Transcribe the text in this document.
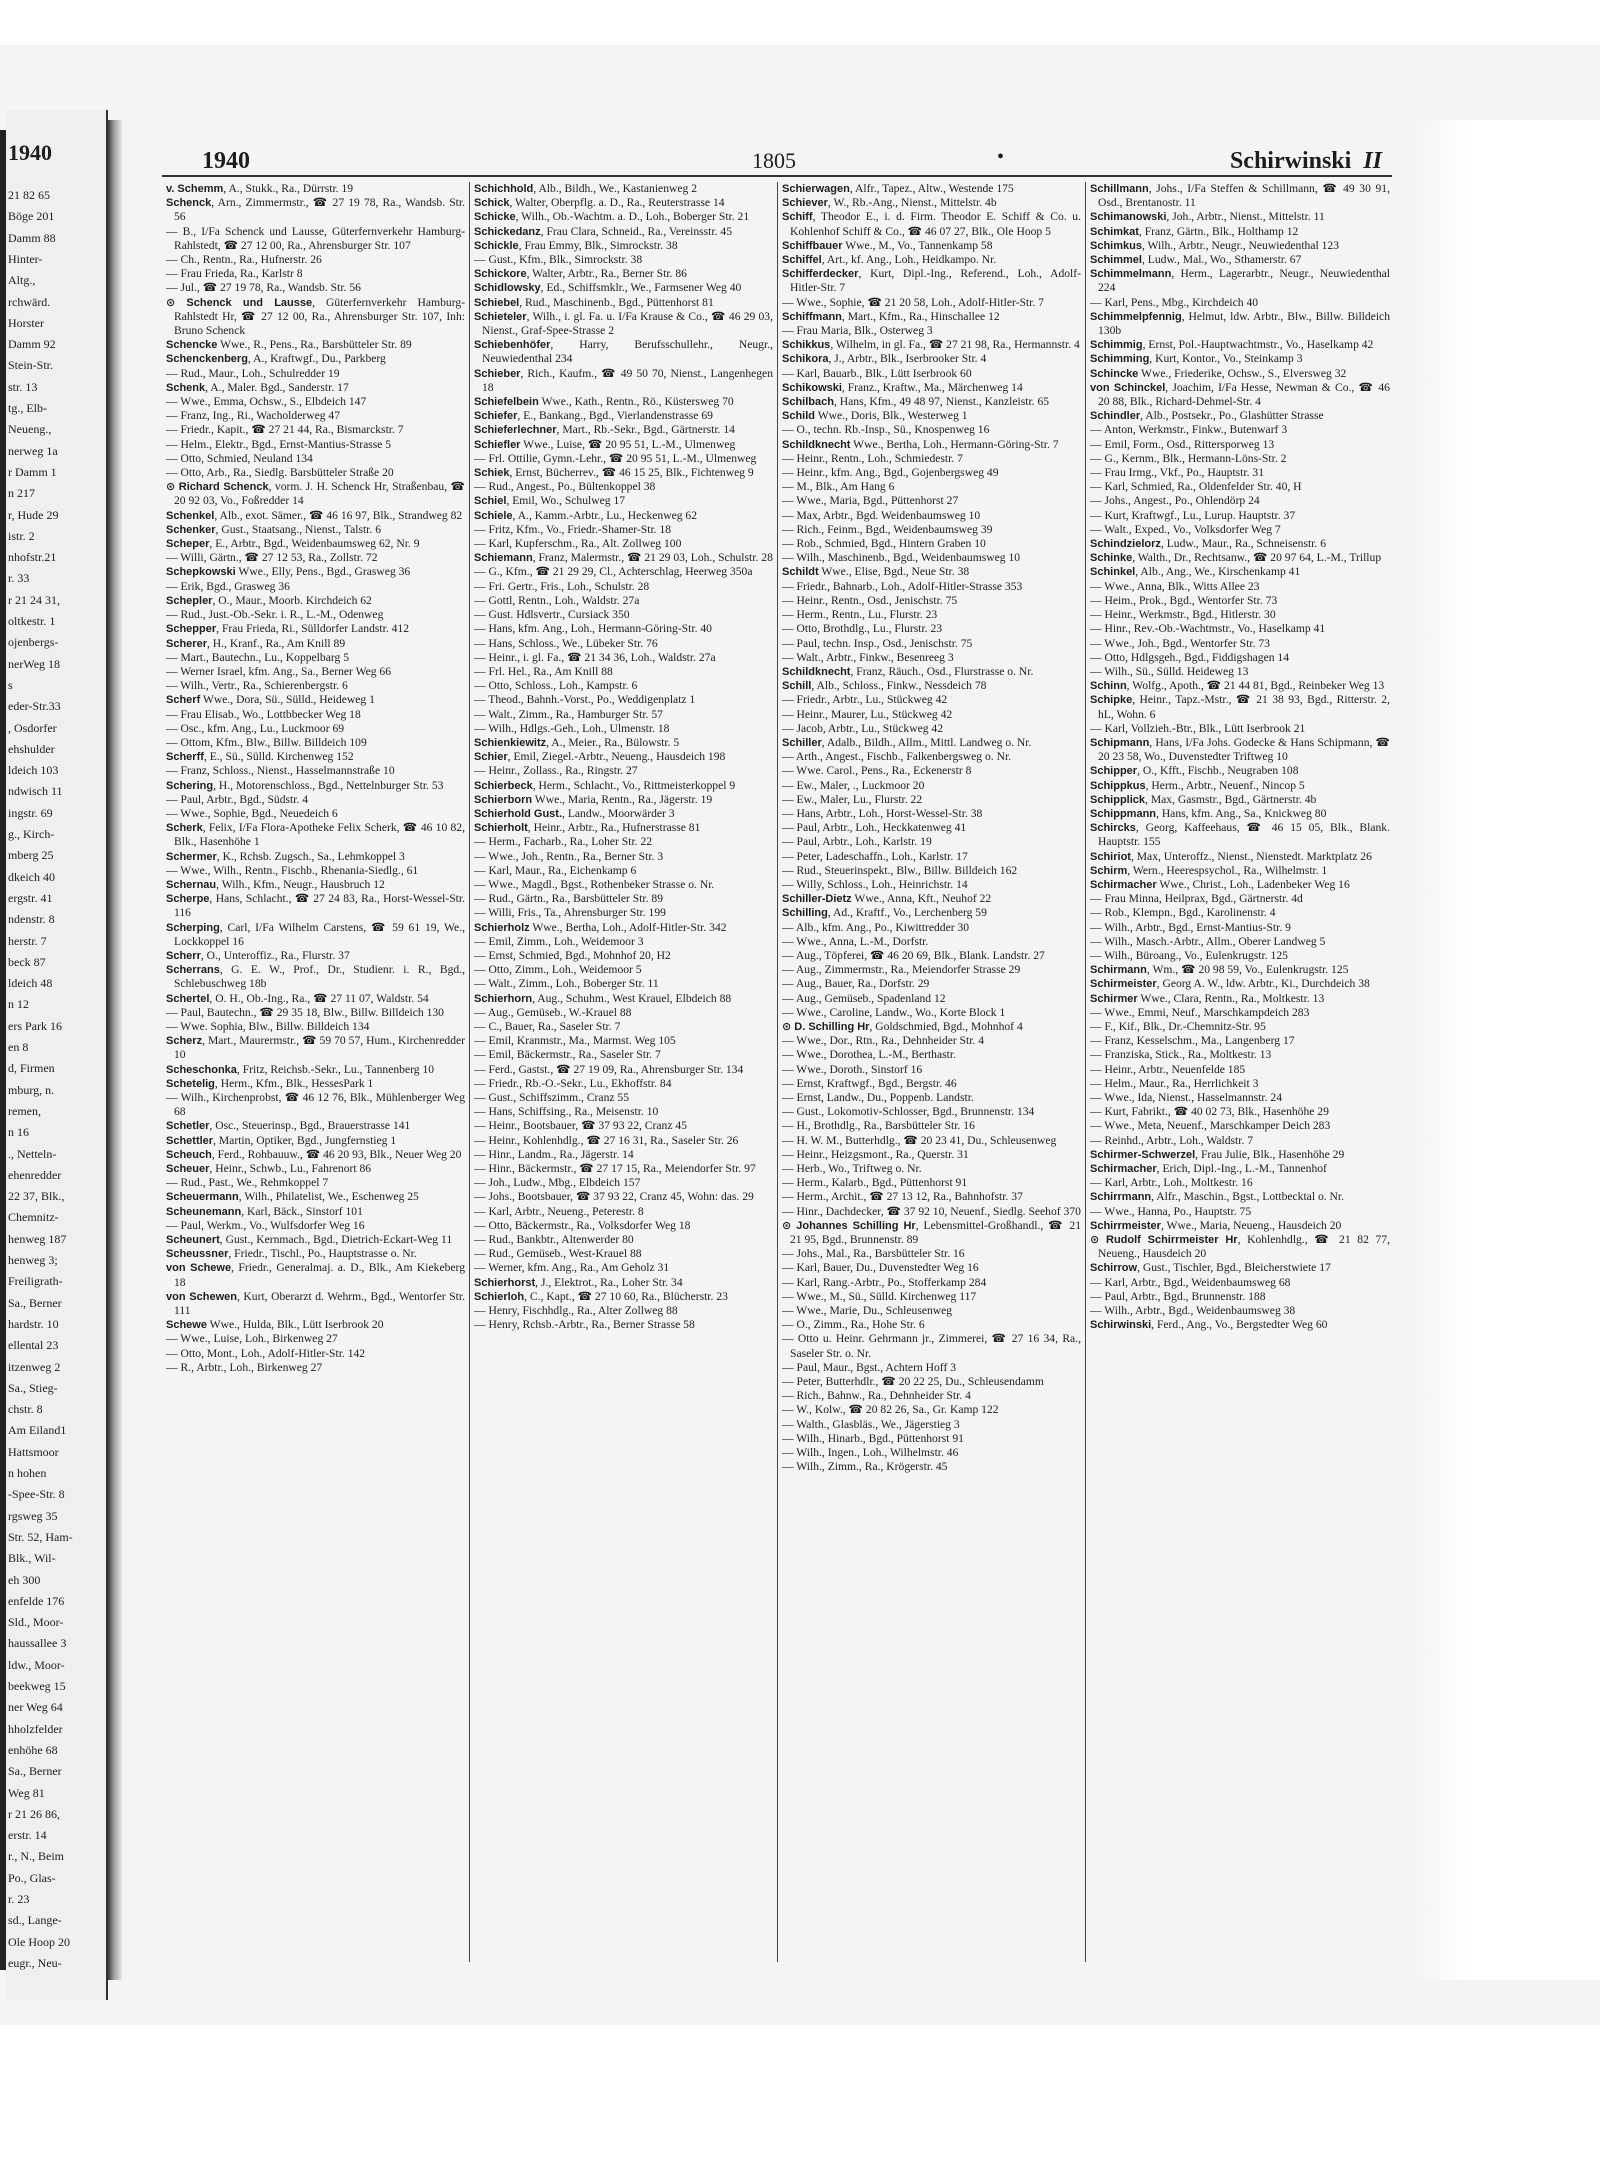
1940
21 82 65
Böge 201
Damm 88
Hinter-
Altg.,
rchwärd.
Horster
Damm 92
Stein-Str.
str. 13
tg., Elb-
Neueng.,
nerweg 1a
r Damm 1
n 217
r, Hude 29
istr. 2
nhofstr.21
r. 33
r 21 24 31,
oltkestr. 1
ojenbergs-
nerWeg 18
s
eder-Str.33
, Osdorfer
ehshulder
ldeich 103
ndwisch 11
ingstr. 69
g., Kirch-
mberg 25
dkeich 40
ergstr. 41
ndenstr. 8
herstr. 7
beck 87
ldeich 48
n 12
ers Park 16
en 8
d, Firmen
mburg, n.
remen,
n 16
., Netteln-
ehenredder
22 37, Blk.,
Chemnitz-
henweg 187
henweg 3;
Freiligrath-
Sa., Berner
hardstr. 10
ellental 23
itzenweg 2
Sa., Stieg-
chstr. 8
Am Eiland1
Hattsmoor
n hohen
-Spee-Str. 8
rgsweg 35
Str. 52, Ham-
Blk., Wil-
eh 300
enfelde 176
Sld., Moor-
haussallee 3
ldw., Moor-
beekweg 15
ner Weg 64
hholzfelder
enhöhe 68
Sa., Berner
Weg 81
r 21 26 86,
erstr. 14
r., N., Beim
Po., Glas-
r. 23
sd., Lange-
Ole Hoop 20
eugr., Neu-
1940	1805	•	Schirwinski II

v. Schemm, A., Stukk., Ra., Dürrstr. 19

Schenck, Arn., Zimmermstr., ☎ 27 19 78, Ra., Wandsb. Str. 56

— B., I/Fa Schenck und Lausse, Güterfernverkehr Hamburg-Rahlstedt, ☎ 27 12 00, Ra., Ahrensburger Str. 107

— Ch., Rentn., Ra., Hufnerstr. 26

— Frau Frieda, Ra., Karlstr 8

— Jul., ☎ 27 19 78, Ra., Wandsb. Str. 56

⊙ Schenck und Lausse, Güterfernverkehr Hamburg-Rahlstedt Hr, ☎ 27 12 00, Ra., Ahrensburger Str. 107, Inh: Bruno Schenck

Schencke Wwe., R., Pens., Ra., Barsbütteler Str. 89

Schenckenberg, A., Kraftwgf., Du., Parkberg

— Rud., Maur., Loh., Schulredder 19

Schenk, A., Maler. Bgd., Sanderstr. 17

— Wwe., Emma, Ochsw., S., Elbdeich 147

— Franz, Ing., Ri., Wacholderweg 47

— Friedr., Kapit., ☎ 27 21 44, Ra., Bismarckstr. 7

— Helm., Elektr., Bgd., Ernst-Mantius-Strasse 5

— Otto, Schmied, Neuland 134

— Otto, Arb., Ra., Siedlg. Barsbütteler Straße 20

⊙ Richard Schenck, vorm. J. H. Schenck Hr, Straßenbau, ☎ 20 92 03, Vo., Foßredder 14

Schenkel, Alb., exot. Sämer., ☎ 46 16 97, Blk., Strandweg 82

Schenker, Gust., Staatsang., Nienst., Talstr. 6

Scheper, E., Arbtr., Bgd., Weidenbaumsweg 62, Nr. 9

— Willi, Gärtn., ☎ 27 12 53, Ra., Zollstr. 72

Schepkowski Wwe., Elly, Pens., Bgd., Grasweg 36

— Erik, Bgd., Grasweg 36

Schepler, O., Maur., Moorb. Kirchdeich 62

— Rud., Just.-Ob.-Sekr. i. R., L.-M., Odenweg

Schepper, Frau Frieda, Ri., Sülldorfer Landstr. 412

Scherer, H., Kranf., Ra., Am Knill 89

— Mart., Bautechn., Lu., Koppelbarg 5

— Werner Israel, kfm. Ang., Sa., Berner Weg 66

— Wilh., Vertr., Ra., Schierenbergstr. 6

Scherf Wwe., Dora, Sü., Sülld., Heideweg 1

— Frau Elisab., Wo., Lottbbecker Weg 18

— Osc., kfm. Ang., Lu., Luckmoor 69

— Ottom, Kfm., Blw., Billw. Billdeich 109

Scherff, E., Sü., Sülld. Kirchenweg 152

— Franz, Schloss., Nienst., Hasselmannstraße 10

Schering, H., Motorenschloss., Bgd., Nettelnburger Str. 53

— Paul, Arbtr., Bgd., Südstr. 4

— Wwe., Sophie, Bgd., Neuedeich 6

Scherk, Felix, I/Fa Flora-Apotheke Felix Scherk, ☎ 46 10 82, Blk., Hasenhöhe 1

Schermer, K., Rchsb. Zugsch., Sa., Lehmkoppel 3

— Wwe., Wilh., Rentn., Fischb., Rhenania-Siedlg., 61

Schernau, Wilh., Kfm., Neugr., Hausbruch 12

Scherpe, Hans, Schlacht., ☎ 27 24 83, Ra., Horst-Wessel-Str. 116

Scherping, Carl, I/Fa Wilhelm Carstens, ☎ 59 61 19, We., Lockkoppel 16

Scherr, O., Unteroffiz., Ra., Flurstr. 37

Scherrans, G. E. W., Prof., Dr., Studienr. i. R., Bgd., Schlebuschweg 18b

Schertel, O. H., Ob.-Ing., Ra., ☎ 27 11 07, Waldstr. 54

— Paul, Bautechn., ☎ 29 35 18, Blw., Billw. Billdeich 130

— Wwe. Sophia, Blw., Billw. Billdeich 134

Scherz, Mart., Maurermstr., ☎ 59 70 57, Hum., Kirchenredder 10

Scheschonka, Fritz, Reichsb.-Sekr., Lu., Tannenberg 10

Schetelig, Herm., Kfm., Blk., HessesPark 1

— Wilh., Kirchenprobst, ☎ 46 12 76, Blk., Mühlenberger Weg 68

Schetler, Osc., Steuerinsp., Bgd., Brauerstrasse 141

Schettler, Martin, Optiker, Bgd., Jungfernstieg 1

Scheuch, Ferd., Rohbauuw., ☎ 46 20 93, Blk., Neuer Weg 20

Scheuer, Heinr., Schwb., Lu., Fahrenort 86

— Rud., Past., We., Rehmkoppel 7

Scheuermann, Wilh., Philatelist, We., Eschenweg 25

Scheunemann, Karl, Bäck., Sinstorf 101

— Paul, Werkm., Vo., Wulfsdorfer Weg 16

Scheunert, Gust., Kernmach., Bgd., Dietrich-Eckart-Weg 11

Scheussner, Friedr., Tischl., Po., Hauptstrasse o. Nr.

von Schewe, Friedr., Generalmaj. a. D., Blk., Am Kiekeberg 18

von Schewen, Kurt, Oberarzt d. Wehrm., Bgd., Wentorfer Str. 111

Schewe Wwe., Hulda, Blk., Lütt Iserbrook 20

— Wwe., Luise, Loh., Birkenweg 27

— Otto, Mont., Loh., Adolf-Hitler-Str. 142

— R., Arbtr., Loh., Birkenweg 27

Schichhold, Alb., Bildh., We., Kastanienweg 2

Schick, Walter, Oberpflg. a. D., Ra., Reuterstrasse 14

Schicke, Wilh., Ob.-Wachtm. a. D., Loh., Boberger Str. 21

Schickedanz, Frau Clara, Schneid., Ra., Vereinsstr. 45

Schickle, Frau Emmy, Blk., Simrockstr. 38

— Gust., Kfm., Blk., Simrockstr. 38

Schickore, Walter, Arbtr., Ra., Berner Str. 86

Schidlowsky, Ed., Schiffsmklr., We., Farmsener Weg 40

Schiebel, Rud., Maschinenb., Bgd., Püttenhorst 81

Schieteler, Wilh., i. gl. Fa. u. I/Fa Krause & Co., ☎ 46 29 03, Nienst., Graf-Spee-Strasse 2

Schiebenhöfer, Harry, Berufsschullehr., Neugr., Neuwiedenthal 234

Schieber, Rich., Kaufm., ☎ 49 50 70, Nienst., Langenhegen 18

Schiefelbein Wwe., Kath., Rentn., Rö., Küstersweg 70

Schiefer, E., Bankang., Bgd., Vierlandenstrasse 69

Schieferlechner, Mart., Rb.-Sekr., Bgd., Gärtnerstr. 14

Schiefler Wwe., Luise, ☎ 20 95 51, L.-M., Ulmenweg

— Frl. Ottilie, Gymn.-Lehr., ☎ 20 95 51, L.-M., Ulmenweg

Schiek, Ernst, Bücherrev., ☎ 46 15 25, Blk., Fichtenweg 9

— Rud., Angest., Po., Bültenkoppel 38

Schiel, Emil, Wo., Schulweg 17

Schiele, A., Kamm.-Arbtr., Lu., Heckenweg 62

— Fritz, Kfm., Vo., Friedr.-Shamer-Str. 18

— Karl, Kupferschm., Ra., Alt. Zollweg 100

Schiemann, Franz, Malermstr., ☎ 21 29 03, Loh., Schulstr. 28

— G., Kfm., ☎ 21 29 29, Cl., Achterschlag, Heerweg 350a

— Fri. Gertr., Fris., Loh., Schulstr. 28

— Gottl, Rentn., Loh., Waldstr. 27a

— Gust. Hdlsvertr., Cursiack 350

— Hans, kfm. Ang., Loh., Hermann-Göring-Str. 40

— Hans, Schloss., We., Lübeker Str. 76

— Heinr., i. gl. Fa., ☎ 21 34 36, Loh., Waldstr. 27a

— Frl. Hel., Ra., Am Knill 88

— Otto, Schloss., Loh., Kampstr. 6

— Theod., Bahnh.-Vorst., Po., Weddigenplatz 1

— Walt., Zimm., Ra., Hamburger Str. 57

— Wilh., Hdlgs.-Geh., Loh., Ulmenstr. 18

Schienkiewitz, A., Meier., Ra., Bülowstr. 5

Schier, Emil, Ziegel.-Arbtr., Neueng., Hausdeich 198

— Heinr., Zollass., Ra., Ringstr. 27

Schierbeck, Herm., Schlacht., Vo., Rittmeisterkoppel 9

Schierborn Wwe., Maria, Rentn., Ra., Jägerstr. 19

Schierhold Gust., Landw., Moorwärder 3

Schierholt, Heinr., Arbtr., Ra., Hufnerstrasse 81

— Herm., Facharb., Ra., Loher Str. 22

— Wwe., Joh., Rentn., Ra., Berner Str. 3

— Karl, Maur., Ra., Eichenkamp 6

— Wwe., Magdl., Bgst., Rothenbeker Strasse o. Nr.

— Rud., Gärtn., Ra., Barsbütteler Str. 89

— Willi, Fris., Ta., Ahrensburger Str. 199

Schierholz Wwe., Bertha, Loh., Adolf-Hitler-Str. 342

— Emil, Zimm., Loh., Weidemoor 3

— Ernst, Schmied, Bgd., Mohnhof 20, H2

— Otto, Zimm., Loh., Weidemoor 5

— Walt., Zimm., Loh., Boberger Str. 11

Schierhorn, Aug., Schuhm., West Krauel, Elbdeich 88

— Aug., Gemüseb., W.-Krauel 88

— C., Bauer, Ra., Saseler Str. 7

— Emil, Kranmstr., Ma., Marmst. Weg 105

— Emil, Bäckermstr., Ra., Saseler Str. 7

— Ferd., Gastst., ☎ 27 19 09, Ra., Ahrensburger Str. 134

— Friedr., Rb.-O.-Sekr., Lu., Ekhoffstr. 84

— Gust., Schiffszimm., Cranz 55

— Hans, Schiffsing., Ra., Meisenstr. 10

— Heinr., Bootsbauer, ☎ 37 93 22, Cranz 45

— Heinr., Kohlenhdlg., ☎ 27 16 31, Ra., Saseler Str. 26

— Hinr., Landm., Ra., Jägerstr. 14

— Hinr., Bäckermstr., ☎ 27 17 15, Ra., Meiendorfer Str. 97

— Joh., Ludw., Mbg., Elbdeich 157

— Johs., Bootsbauer, ☎ 37 93 22, Cranz 45, Wohn: das. 29

— Karl, Arbtr., Neueng., Peterestr. 8

— Otto, Bäckermstr., Ra., Volksdorfer Weg 18

— Rud., Bankbtr., Altenwerder 80

— Rud., Gemüseb., West-Krauel 88

— Werner, kfm. Ang., Ra., Am Geholz 31

Schierhorst, J., Elektrot., Ra., Loher Str. 34

Schierloh, C., Kapt., ☎ 27 10 60, Ra., Blücherstr. 23

— Henry, Fischhdlg., Ra., Alter Zollweg 88

— Henry, Rchsb.-Arbtr., Ra., Berner Strasse 58

Schierwagen, Alfr., Tapez., Altw., Westende 175

Schiever, W., Rb.-Ang., Nienst., Mittelstr. 4b

Schiff, Theodor E., i. d. Firm. Theodor E. Schiff & Co. u. Kohlenhof Schiff & Co., ☎ 46 07 27, Blk., Ole Hoop 5

Schiffbauer Wwe., M., Vo., Tannenkamp 58

Schiffel, Art., kf. Ang., Loh., Heidkampo. Nr.

Schifferdecker, Kurt, Dipl.-Ing., Referend., Loh., Adolf-Hitler-Str. 7

— Wwe., Sophie, ☎ 21 20 58, Loh., Adolf-Hitler-Str. 7

Schiffmann, Mart., Kfm., Ra., Hinschallee 12

— Frau Maria, Blk., Osterweg 3

Schikkus, Wilhelm, in gl. Fa., ☎ 27 21 98, Ra., Hermannstr. 4

Schikora, J., Arbtr., Blk., Iserbrooker Str. 4

— Karl, Bauarb., Blk., Lütt Iserbrook 60

Schikowski, Franz., Kraftw., Ma., Märchenweg 14

Schilbach, Hans, Kfm., 49 48 97, Nienst., Kanzleistr. 65

Schild Wwe., Doris, Blk., Westerweg 1

— O., techn. Rb.-Insp., Sü., Knospenweg 16

Schildknecht Wwe., Bertha, Loh., Hermann-Göring-Str. 7

— Heinr., Rentn., Loh., Schmiedestr. 7

— Heinr., kfm. Ang., Bgd., Gojenbergsweg 49

— M., Blk., Am Hang 6

— Wwe., Maria, Bgd., Püttenhorst 27

— Max, Arbtr., Bgd. Weidenbaumsweg 10

— Rich., Feinm., Bgd., Weidenbaumsweg 39

— Rob., Schmied, Bgd., Hintern Graben 10

— Wilh., Maschinenb., Bgd., Weidenbaumsweg 10

Schildt Wwe., Elise, Bgd., Neue Str. 38

— Friedr., Bahnarb., Loh., Adolf-Hitler-Strasse 353

— Heinr., Rentn., Osd., Jenischstr. 75

— Herm., Rentn., Lu., Flurstr. 23

— Otto, Brothdlg., Lu., Flurstr. 23

— Paul, techn. Insp., Osd., Jenischstr. 75

— Walt., Arbtr., Finkw., Besenreeg 3

Schildknecht, Franz, Räuch., Osd., Flurstrasse o. Nr.

Schill, Alb., Schloss., Finkw., Nessdeich 78

— Friedr., Arbtr., Lu., Stückweg 42

— Heinr., Maurer, Lu., Stückweg 42

— Jacob, Arbtr., Lu., Stückweg 42

Schiller, Adalb., Bildh., Allm., Mittl. Landweg o. Nr.

— Arth., Angest., Fischb., Falkenbergsweg o. Nr.

— Wwe. Carol., Pens., Ra., Eckenerstr 8

— Ew., Maler, ., Luckmoor 20

— Ew., Maler, Lu., Flurstr. 22

— Hans, Arbtr., Loh., Horst-Wessel-Str. 38

— Paul, Arbtr., Loh., Heckkatenweg 41

— Paul, Arbtr., Loh., Karlstr. 19

— Peter, Ladeschaffn., Loh., Karlstr. 17

— Rud., Steuerinspekt., Blw., Billw. Billdeich 162

— Willy, Schloss., Loh., Heinrichstr. 14

Schiller-Dietz Wwe., Anna, Kft., Neuhof 22

Schilling, Ad., Kraftf., Vo., Lerchenberg 59

— Alb., kfm. Ang., Po., Kiwittredder 30

— Wwe., Anna, L.-M., Dorfstr.

— Aug., Töpferei, ☎ 46 20 69, Blk., Blank. Landstr. 27

— Aug., Zimmermstr., Ra., Meiendorfer Strasse 29

— Aug., Bauer, Ra., Dorfstr. 29

— Aug., Gemüseb., Spadenland 12

— Wwe., Caroline, Landw., Wo., Korte Block 1

⊙ D. Schilling Hr, Goldschmied, Bgd., Mohnhof 4

— Wwe., Dor., Rtn., Ra., Dehnheider Str. 4

— Wwe., Dorothea, L.-M., Berthastr.

— Wwe., Doroth., Sinstorf 16

— Ernst, Kraftwgf., Bgd., Bergstr. 46

— Ernst, Landw., Du., Poppenb. Landstr.

— Gust., Lokomotiv-Schlosser, Bgd., Brunnenstr. 134

— H., Brothdlg., Ra., Barsbütteler Str. 16

— H. W. M., Butterhdlg., ☎ 20 23 41, Du., Schleusenweg

— Heinr., Heizgsmont., Ra., Querstr. 31

— Herb., Wo., Triftweg o. Nr.

— Herm., Kalarb., Bgd., Püttenhorst 91

— Herm., Archit., ☎ 27 13 12, Ra., Bahnhofstr. 37

— Hinr., Dachdecker, ☎ 37 92 10, Neuenf., Siedlg. Seehof 370

⊙ Johannes Schilling Hr, Lebensmittel-Großhandl., ☎ 21 21 95, Bgd., Brunnenstr. 89

— Johs., Mal., Ra., Barsbütteler Str. 16

— Karl, Bauer, Du., Duvenstedter Weg 16

— Karl, Rang.-Arbtr., Po., Stofferkamp 284

— Wwe., M., Sü., Sülld. Kirchenweg 117

— Wwe., Marie, Du., Schleusenweg

— O., Zimm., Ra., Hohe Str. 6

— Otto u. Heinr. Gehrmann jr., Zimmerei, ☎ 27 16 34, Ra., Saseler Str. o. Nr.

— Paul, Maur., Bgst., Achtern Hoff 3

— Peter, Butterhdlr., ☎ 20 22 25, Du., Schleusendamm

— Rich., Bahnw., Ra., Dehnheider Str. 4

— W., Kolw., ☎ 20 82 26, Sa., Gr. Kamp 122

— Walth., Glasbläs., We., Jägerstieg 3

— Wilh., Hinarb., Bgd., Püttenhorst 91

— Wilh., Ingen., Loh., Wilhelmstr. 46

— Wilh., Zimm., Ra., Krögerstr. 45

Schillmann, Johs., I/Fa Steffen & Schillmann, ☎ 49 30 91, Osd., Brentanostr. 11

Schimanowski, Joh., Arbtr., Nienst., Mittelstr. 11

Schimkat, Franz, Gärtn., Blk., Holthamp 12

Schimkus, Wilh., Arbtr., Neugr., Neuwiedenthal 123

Schimmel, Ludw., Mal., Wo., Sthamerstr. 67

Schimmelmann, Herm., Lagerarbtr., Neugr., Neuwiedenthal 224

— Karl, Pens., Mbg., Kirchdeich 40

Schimmelpfennig, Helmut, ldw. Arbtr., Blw., Billw. Billdeich 130b

Schimmig, Ernst, Pol.-Hauptwachtmstr., Vo., Haselkamp 42

Schimming, Kurt, Kontor., Vo., Steinkamp 3

Schincke Wwe., Friederike, Ochsw., S., Elversweg 32

von Schinckel, Joachim, I/Fa Hesse, Newman & Co., ☎ 46 20 88, Blk., Richard-Dehmel-Str. 4

Schindler, Alb., Postsekr., Po., Glashütter Strasse

— Anton, Werkmstr., Finkw., Butenwarf 3

— Emil, Form., Osd., Rittersporweg 13

— G., Kernm., Blk., Hermann-Löns-Str. 2

— Frau Irmg., Vkf., Po., Hauptstr. 31

— Karl, Schmied, Ra., Oldenfelder Str. 40, H

— Johs., Angest., Po., Ohlendörp 24

— Kurt, Kraftwgf., Lu., Lurup. Hauptstr. 37

— Walt., Exped., Vo., Volksdorfer Weg 7

Schindzielorz, Ludw., Maur., Ra., Schneisenstr. 6

Schinke, Walth., Dr., Rechtsanw., ☎ 20 97 64, L.-M., Trillup

Schinkel, Alb., Ang., We., Kirschenkamp 41

— Wwe., Anna, Blk., Witts Allee 23

— Heim., Prok., Bgd., Wentorfer Str. 73

— Heinr., Werkmstr., Bgd., Hitlerstr. 30

— Hinr., Rev.-Ob.-Wachtmstr., Vo., Haselkamp 41

— Wwe., Joh., Bgd., Wentorfer Str. 73

— Otto, Hdlgsgeh., Bgd., Fiddigshagen 14

— Wilh., Sü., Sülld. Heideweg 13

Schinn, Wolfg., Apoth., ☎ 21 44 81, Bgd., Reinbeker Weg 13

Schipke, Heinr., Tapz.-Mstr., ☎ 21 38 93, Bgd., Ritterstr. 2, hL, Wohn. 6

— Karl, Vollzieh.-Btr., Blk., Lütt Iserbrook 21

Schipmann, Hans, I/Fa Johs. Godecke & Hans Schipmann, ☎ 20 23 58, Wo., Duvenstedter Triftweg 10

Schipper, O., Kfft., Fischb., Neugraben 108

Schippkus, Herm., Arbtr., Neuenf., Nincop 5

Schipplick, Max, Gasmstr., Bgd., Gärtnerstr. 4b

Schippmann, Hans, kfm. Ang., Sa., Knickweg 80

Schircks, Georg, Kaffeehaus, ☎ 46 15 05, Blk., Blank. Hauptstr. 155

Schiriot, Max, Unteroffz., Nienst., Nienstedt. Marktplatz 26

Schirm, Wern., Heerespsychol., Ra., Wilhelmstr. 1

Schirmacher Wwe., Christ., Loh., Ladenbeker Weg 16

— Frau Minna, Heilprax, Bgd., Gärtnerstr. 4d

— Rob., Klempn., Bgd., Karolinenstr. 4

— Wilh., Arbtr., Bgd., Ernst-Mantius-Str. 9

— Wilh., Masch.-Arbtr., Allm., Oberer Landweg 5

— Wilh., Büroang., Vo., Eulenkrugstr. 125

Schirmann, Wm., ☎ 20 98 59, Vo., Eulenkrugstr. 125

Schirmeister, Georg A. W., ldw. Arbtr., Ki., Durchdeich 38

Schirmer Wwe., Clara, Rentn., Ra., Moltkestr. 13

— Wwe., Emmi, Neuf., Marschkampdeich 283

— F., Kif., Blk., Dr.-Chemnitz-Str. 95

— Franz, Kesselschm., Ma., Langenberg 17

— Franziska, Stick., Ra., Moltkestr. 13

— Heinr., Arbtr., Neuenfelde 185

— Helm., Maur., Ra., Herrlichkeit 3

— Wwe., Ida, Nienst., Hasselmannstr. 24

— Kurt, Fabrikt., ☎ 40 02 73, Blk., Hasenhöhe 29

— Wwe., Meta, Neuenf., Marschkamper Deich 283

— Reinhd., Arbtr., Loh., Waldstr. 7

Schirmer-Schwerzel, Frau Julie, Blk., Hasenhöhe 29

Schirmacher, Erich, Dipl.-Ing., L.-M., Tannenhof

— Karl, Arbtr., Loh., Moltkestr. 16

Schirrmann, Alfr., Maschin., Bgst., Lottbecktal o. Nr.

— Wwe., Hanna, Po., Hauptstr. 75

Schirrmeister, Wwe., Maria, Neueng., Hausdeich 20

⊙ Rudolf Schirrmeister Hr, Kohlenhdlg., ☎ 21 82 77, Neueng., Hausdeich 20

Schirrow, Gust., Tischler, Bgd., Bleicherstwiete 17

— Karl, Arbtr., Bgd., Weidenbaumsweg 68

— Paul, Arbtr., Bgd., Brunnenstr. 188

— Wilh., Arbtr., Bgd., Weidenbaumsweg 38

Schirwinski, Ferd., Ang., Vo., Bergstedter Weg 60
